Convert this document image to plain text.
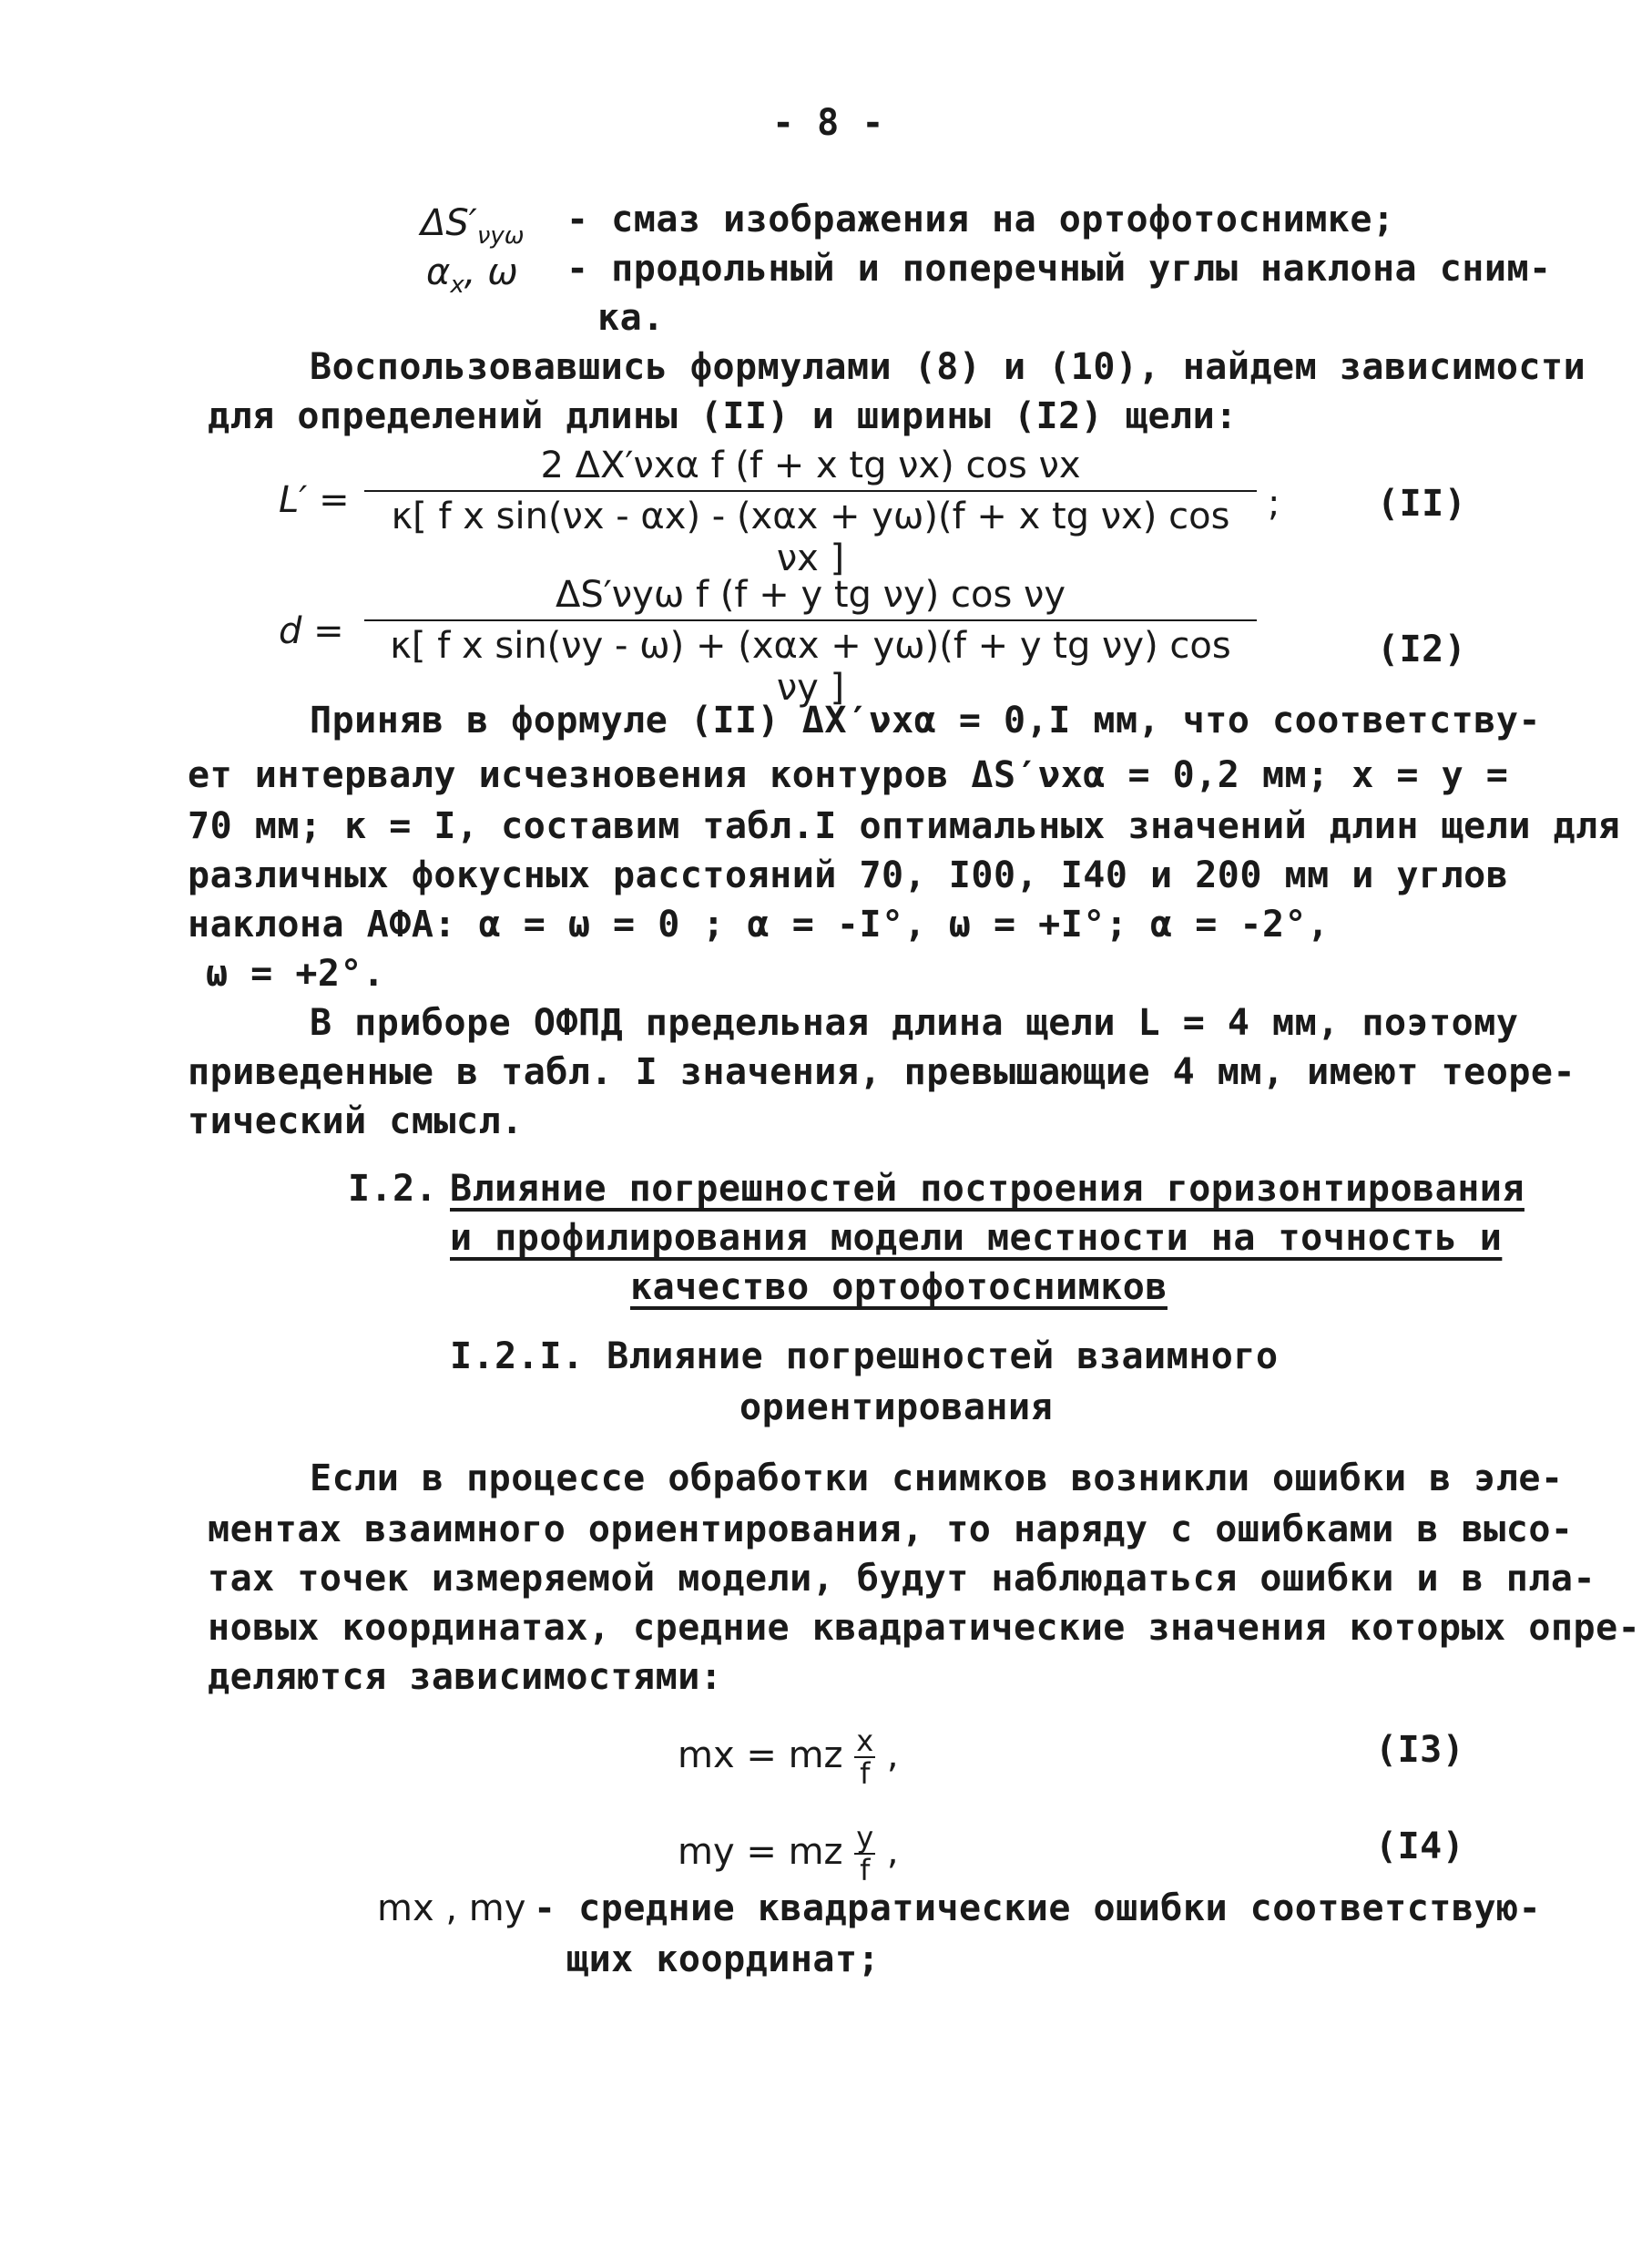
- 8 -
$\Delta S'_{\nu y\omega}$ - смаз изображения на ортофотоснимке;
$\alpha_x$, ω - продольный и поперечный углы наклона сним-
ка.
Воспользовавшись формулами (8) и (10), найдем зависимости
для определений длины (II) и ширины (I2) щели:
L′ =
2 ΔX′νxα f (f + x tg νx) cos νx
κ[ f x sin(νx - αx) - (xαx + yω)(f + x tg νx) cos νx ]
;	(II)
d =
ΔS′νyω f (f + y tg νy) cos νy
κ[ f x sin(νy - ω) + (xαx + yω)(f + y tg νy) cos νy ]
(I2)
Приняв в формуле (II) ΔX′νxα = 0,I мм, что соответству-
ет интервалу исчезновения контуров ΔS′νxα = 0,2 мм; x = y =
70 мм; κ = I, составим табл.I оптимальных значений длин щели для
различных фокусных расстояний 70, I00, I40 и 200 мм и углов
наклона АФА: α = ω = 0 ; α = -I°, ω = +I°; α = -2°,
ω = +2°.
В приборе ОФПД предельная длина щели L = 4 мм, поэтому
приведенные в табл. I значения, превышающие 4 мм, имеют теоре-
тический смысл.
I.2. Влияние погрешностей построения горизонтирования
и профилирования модели местности на точность и
качество ортофотоснимков
I.2.I. Влияние погрешностей взаимного
ориентирования
Если в процессе обработки снимков возникли ошибки в эле-
ментах взаимного ориентирования, то наряду с ошибками в высо-
тах точек измеряемой модели, будут наблюдаться ошибки и в пла-
новых координатах, средние квадратические значения которых опре-
деляются зависимостями:
mx = mz $\frac{x}{f}$ ,	(I3)
my = mz $\frac{y}{f}$ ,	(I4)
mx , my - средние квадратические ошибки соответствую-
щих координат;
